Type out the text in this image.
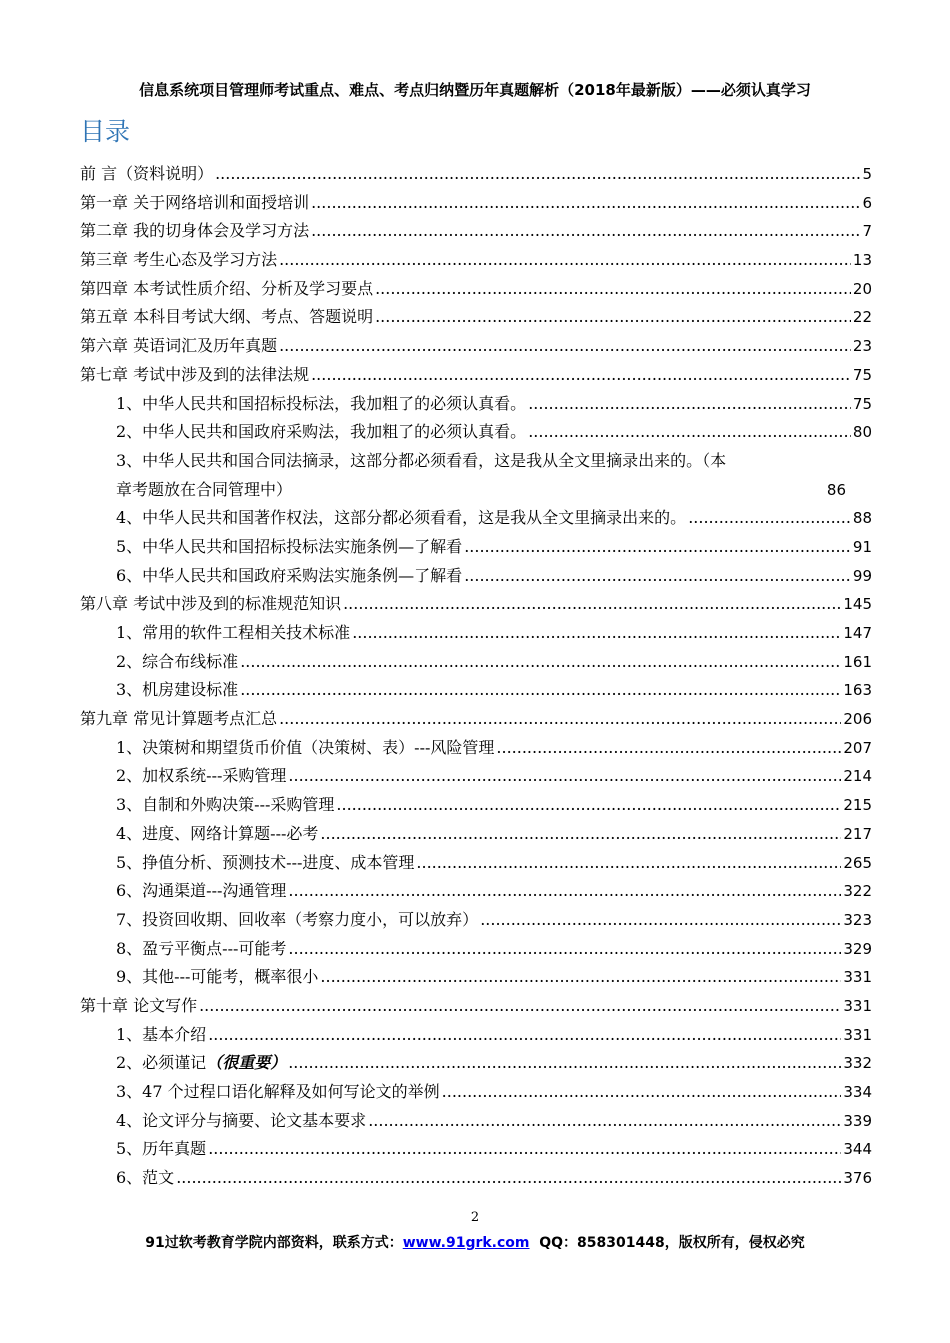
信息系统项目管理师考试重点、难点、考点归纳暨历年真题解析（2018年最新版）——必须认真学习
目录
前 言（资料说明） .....	5
第一章 关于网络培训和面授培训 .....	6
第二章 我的切身体会及学习方法 .....	7
第三章 考生心态及学习方法 .....	13
第四章 本考试性质介绍、分析及学习要点 .....	20
第五章 本科目考试大纲、考点、答题说明 .....	22
第六章 英语词汇及历年真题 .....	23
第七章 考试中涉及到的法律法规 .....	75
1、中华人民共和国招标投标法，我加粗了的必须认真看。 .....	75
2、中华人民共和国政府采购法，我加粗了的必须认真看。 .....	80
3、中华人民共和国合同法摘录，这部分都必须看看，这是我从全文里摘录出来的。（本
章考题放在合同管理中）	86
4、中华人民共和国著作权法，这部分都必须看看，这是我从全文里摘录出来的。 .....	88
5、中华人民共和国招标投标法实施条例—了解看 .....	91
6、中华人民共和国政府采购法实施条例—了解看 .....	99
第八章 考试中涉及到的标准规范知识 .....	145
1、常用的软件工程相关技术标准 .....	147
2、综合布线标准 .....	161
3、机房建设标准 .....	163
第九章 常见计算题考点汇总 .....	206
1、决策树和期望货币价值（决策树、表）---风险管理 .....	207
2、加权系统---采购管理 .....	214
3、自制和外购决策---采购管理 .....	215
4、进度、网络计算题---必考 .....	217
5、挣值分析、预测技术---进度、成本管理 .....	265
6、沟通渠道---沟通管理 .....	322
7、投资回收期、回收率（考察力度小，可以放弃） .....	323
8、盈亏平衡点---可能考 .....	329
9、其他---可能考，概率很小 .....	331
第十章 论文写作 .....	331
1、基本介绍 .....	331
2、必须谨记 （很重要） .....	332
3、47 个过程口语化解释及如何写论文的举例 .....	334
4、论文评分与摘要、论文基本要求 .....	339
5、历年真题 .....	344
6、范文 .....	376
2
91过软考教育学院内部资料，联系方式：www.91grk.com QQ：858301448，版权所有，侵权必究
